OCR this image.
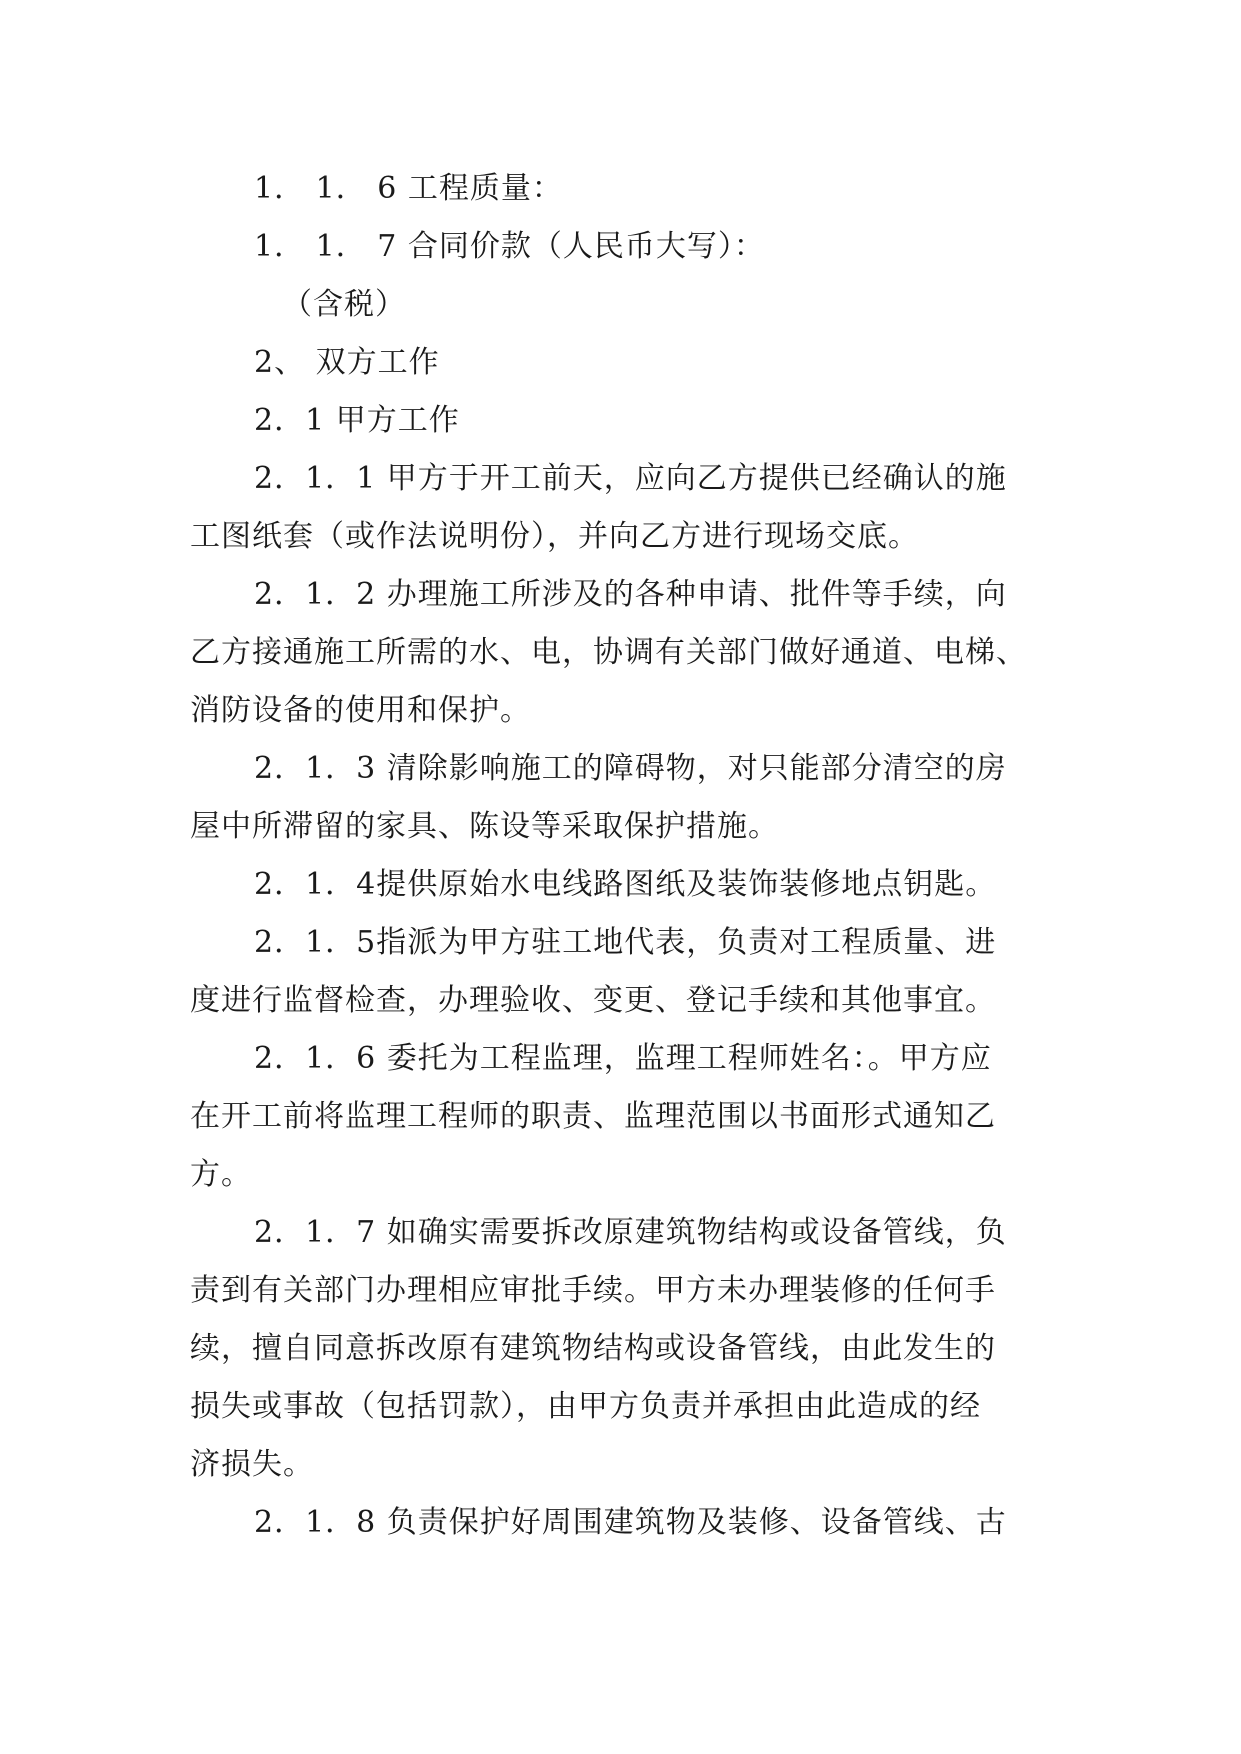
1． 1． 6 工程质量：
1． 1． 7 合同价款（人民币大写）：
（含税）
2、 双方工作
2．1 甲方工作
2．1．1 甲方于开工前天，应向乙方提供已经确认的施
工图纸套（或作法说明份），并向乙方进行现场交底。
2．1．2 办理施工所涉及的各种申请、批件等手续，向
乙方接通施工所需的水、电，协调有关部门做好通道、电梯、
消防设备的使用和保护。
2．1．3 清除影响施工的障碍物，对只能部分清空的房
屋中所滞留的家具、陈设等采取保护措施。
2．1．4提供原始水电线路图纸及装饰装修地点钥匙。
2．1．5指派为甲方驻工地代表，负责对工程质量、进
度进行监督检查，办理验收、变更、登记手续和其他事宜。
2．1．6 委托为工程监理，监理工程师姓名：。甲方应
在开工前将监理工程师的职责、监理范围以书面形式通知乙
方。
2．1．7 如确实需要拆改原建筑物结构或设备管线，负
责到有关部门办理相应审批手续。甲方未办理装修的任何手
续，擅自同意拆改原有建筑物结构或设备管线，由此发生的
损失或事故（包括罚款），由甲方负责并承担由此造成的经
济损失。
2．1．8 负责保护好周围建筑物及装修、设备管线、古
